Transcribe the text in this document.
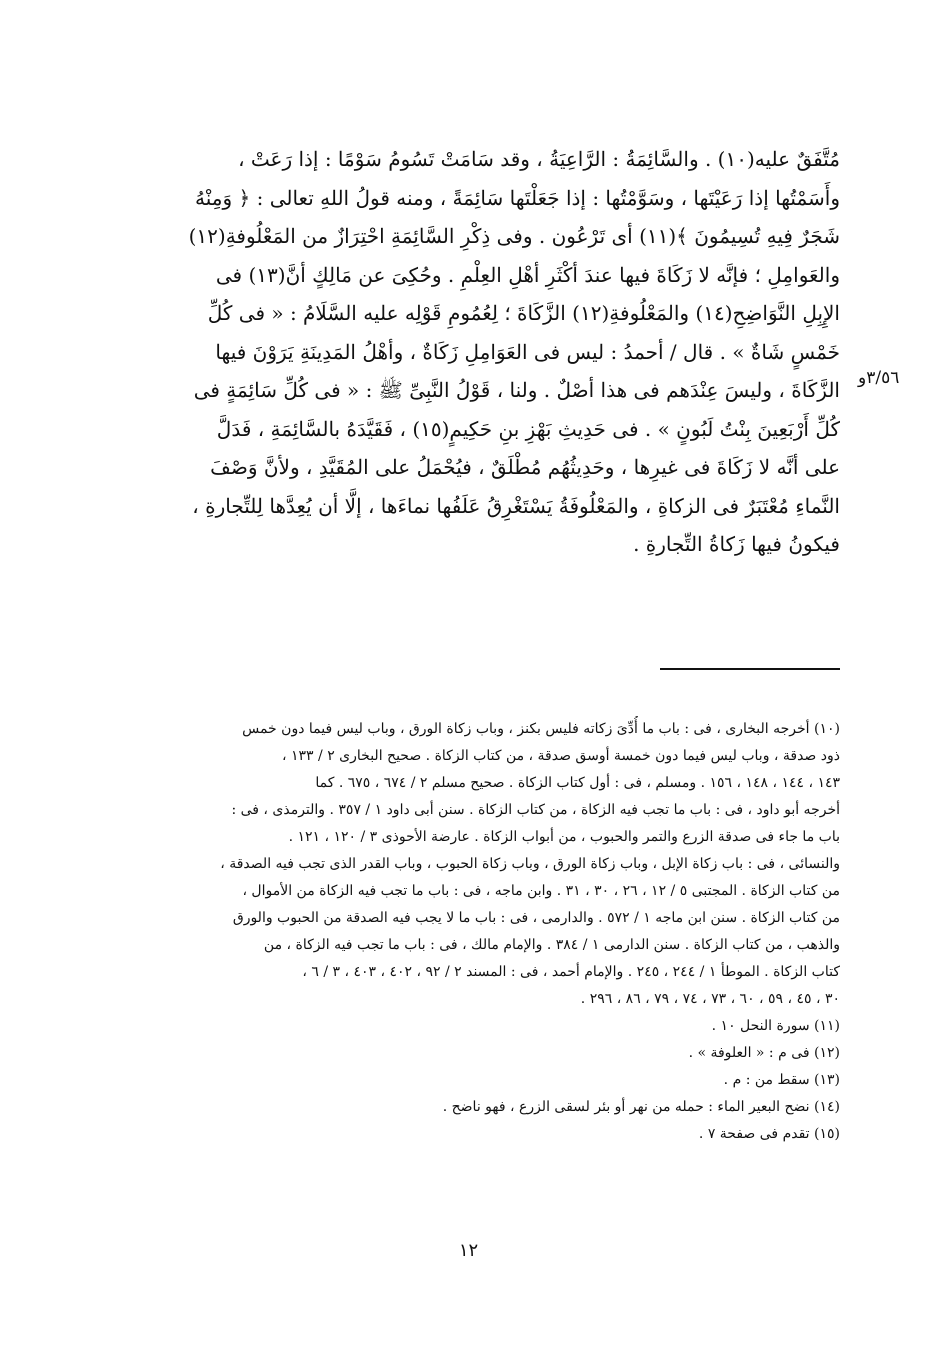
مُتَّفَقٌ عليه(١٠) . والسَّائِمَةُ : الرَّاعِيَةُ ، وقد سَامَتْ تَسُومُ سَوْمًا : إذا رَعَتْ ،
وأَسَمْتُها إذا رَعَيْتَها ، وسَوَّمْتُها : إذا جَعَلْتَها سَائِمَةً ، ومنه قولُ اللهِ تعالى : ﴿ وَمِنْهُ
شَجَرٌ فِيهِ تُسِيمُونَ ﴾(١١) أى تَرْعُون . وفى ذِكْرِ السَّائِمَةِ احْتِرَازٌ من المَعْلُوفةِ(١٢)
والعَوامِلِ ؛ فإنَّه لا زَكَاةَ فيها عندَ أكْثَرِ أهْلِ العِلْمِ . وحُكِىَ عن مَالِكٍ أنَّ(١٣) فى
الإِبِلِ النَّوَاضِحِ(١٤) والمَعْلُوفةِ(١٢) الزَّكَاةَ ؛ لِعُمُومِ قَوْلِه عليه السَّلَامُ : « فى كُلِّ
خَمْسٍ شَاةٌ » . قال / أحمدُ : ليس فى العَوَامِلِ زَكَاةٌ ، وأهْلُ المَدِينَةِ يَرَوْنَ فيها
الزَّكَاةَ ، وليسَ عِنْدَهم فى هذا أصْلٌ . ولنا ، قَوْلُ النَّبِىِّ ﷺ : « فى كُلِّ سَائِمَةٍ فى
كُلِّ أَرْبَعِينَ بِنْتُ لَبُونٍ » . فى حَدِيثِ بَهْزِ بنِ حَكِيمٍ(١٥) ، فَقَيَّدَهُ بالسَّائِمَةِ ، فَدَلَّ
على أنَّه لا زَكَاةَ فى غيرِها ، وحَدِيثُهُم مُطْلَقٌ ، فيُحْمَلُ على المُقَيَّدِ ، ولأنَّ وَصْفَ
النَّماءِ مُعْتَبَرٌ فى الزكاةِ ، والمَعْلُوفَةُ يَسْتَغْرِقُ عَلَفُها نماءَها ، إلَّا أن يُعِدَّها لِلتِّجارةِ ،
فيكونُ فيها زَكاةُ التِّجارةِ .
٣/٥٦و
(١٠) أخرجه البخارى ، فى : باب ما أُدِّىَ زكاته فليس بكنز ، وباب زكاة الورق ، وباب ليس فيما دون خمس
ذود صدقة ، وباب ليس فيما دون خمسة أوسق صدقة ، من كتاب الزكاة . صحيح البخارى ٢ / ١٣٣ ،
١٤٣ ، ١٤٤ ، ١٤٨ ، ١٥٦ . ومسلم ، فى : أول كتاب الزكاة . صحيح مسلم ٢ / ٦٧٤ ، ٦٧٥ . كما
أخرجه أبو داود ، فى : باب ما تجب فيه الزكاة ، من كتاب الزكاة . سنن أبى داود ١ / ٣٥٧ . والترمذى ، فى :
باب ما جاء فى صدقة الزرع والتمر والحبوب ، من أبواب الزكاة . عارضة الأحوذى ٣ / ١٢٠ ، ١٢١ .
والنسائى ، فى : باب زكاة الإبل ، وباب زكاة الورق ، وباب زكاة الحبوب ، وباب القدر الذى تجب فيه الصدقة ،
من كتاب الزكاة . المجتبى ٥ / ١٢ ، ٢٦ ، ٣٠ ، ٣١ . وابن ماجه ، فى : باب ما تجب فيه الزكاة من الأموال ،
من كتاب الزكاة . سنن ابن ماجه ١ / ٥٧٢ . والدارمى ، فى : باب ما لا يجب فيه الصدقة من الحبوب والورق
والذهب ، من كتاب الزكاة . سنن الدارمى ١ / ٣٨٤ . والإمام مالك ، فى : باب ما تجب فيه الزكاة ، من
كتاب الزكاة . الموطأ ١ / ٢٤٤ ، ٢٤٥ . والإمام أحمد ، فى : المسند ٢ / ٩٢ ، ٤٠٢ ، ٤٠٣ ، ٣ / ٦ ،
٣٠ ، ٤٥ ، ٥٩ ، ٦٠ ، ٧٣ ، ٧٤ ، ٧٩ ، ٨٦ ، ٢٩٦ .
(١١) سورة النحل ١٠ .
(١٢) فى م : « العلوفة » .
(١٣) سقط من : م .
(١٤) نضح البعير الماء : حمله من نهر أو بئر لسقى الزرع ، فهو ناضح .
(١٥) تقدم فى صفحة ٧ .
١٢
